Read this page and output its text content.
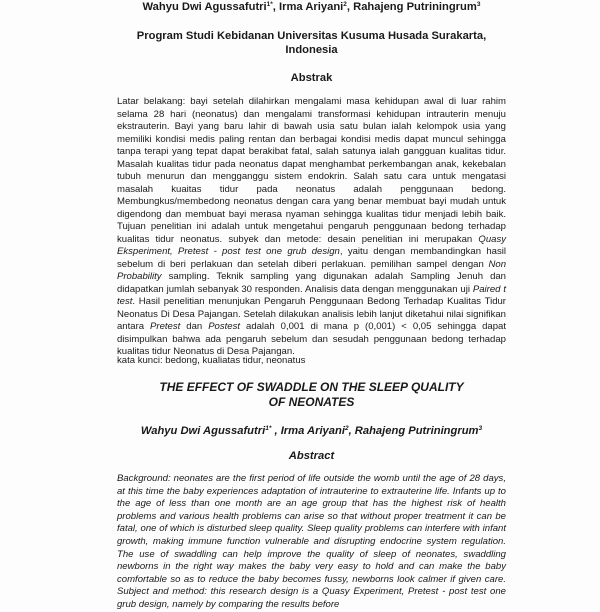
Wahyu Dwi Agussafutri$^{1*}$, Irma Ariyani$^2$, Rahajeng Putriningrum$^3$
Program Studi Kebidanan Universitas Kusuma Husada Surakarta,
Indonesia
Abstrak

Latar belakang: bayi setelah dilahirkan mengalami masa kehidupan awal di luar rahim selama 28 hari (neonatus) dan mengalami transformasi kehidupan intrauterin menuju ekstrauterin. Bayi yang baru lahir di bawah usia satu bulan ialah kelompok usia yang memiliki kondisi medis paling rentan dan berbagai kondisi medis dapat muncul sehingga tanpa terapi yang tepat dapat berakibat fatal, salah satunya ialah gangguan kualitas tidur. Masalah kualitas tidur pada neonatus dapat menghambat perkembangan anak, kekebalan tubuh menurun dan mengganggu sistem endokrin. Salah satu cara untuk mengatasi masalah kuaitas tidur pada neonatus adalah penggunaan bedong. Membungkus/membedong neonatus dengan cara yang benar membuat bayi mudah untuk digendong dan membuat bayi merasa nyaman sehingga kualitas tidur menjadi lebih baik. Tujuan penelitian ini adalah untuk mengetahui pengaruh penggunaan bedong terhadap kualitas tidur neonatus. subyek dan metode: desain penelitian ini merupakan Quasy Eksperiment, Pretest - post test one grub design, yaitu dengan membandingkan hasil sebelum di beri perlakuan dan setelah diberi perlakuan. pemilihan sampel dengan Non Probability sampling. Teknik sampling yang digunakan adalah Sampling Jenuh dan didapatkan jumlah sebanyak 30 responden. Analisis data dengan menggunakan uji Paired t test. Hasil penelitian menunjukan Pengaruh Penggunaan Bedong Terhadap Kualitas Tidur Neonatus Di Desa Pajangan. Setelah dilakukan analisis lebih lanjut diketahui nilai signifikan antara Pretest dan Postest adalah 0,001 di mana p (0,001) < 0,05 sehingga dapat disimpulkan bahwa ada pengaruh sebelum dan sesudah penggunaan bedong terhadap kualitas tidur Neonatus di Desa Pajangan.

kata kunci: bedong, kualiatas tidur, neonatus

THE EFFECT OF SWADDLE ON THE SLEEP QUALITY
OF NEONATES
Wahyu Dwi Agussafutri$^{1*}$ , Irma Ariyani$^2$, Rahajeng Putriningrum$^3$
Abstract

Background: neonates are the first period of life outside the womb until the age of 28 days, at this time the baby experiences adaptation of intrauterine to extrauterine life. Infants up to the age of less than one month are an age group that has the highest risk of health problems and various health problems can arise so that without proper treatment it can be fatal, one of which is disturbed sleep quality. Sleep quality problems can interfere with infant growth, making immune function vulnerable and disrupting endocrine system regulation. The use of swaddling can help improve the quality of sleep of neonates, swaddling newborns in the right way makes the baby very easy to hold and can make the baby comfortable so as to reduce the baby becomes fussy, newborns look calmer if given care. Subject and method: this research design is a Quasy Experiment, Pretest - post test one grub design, namely by comparing the results before
